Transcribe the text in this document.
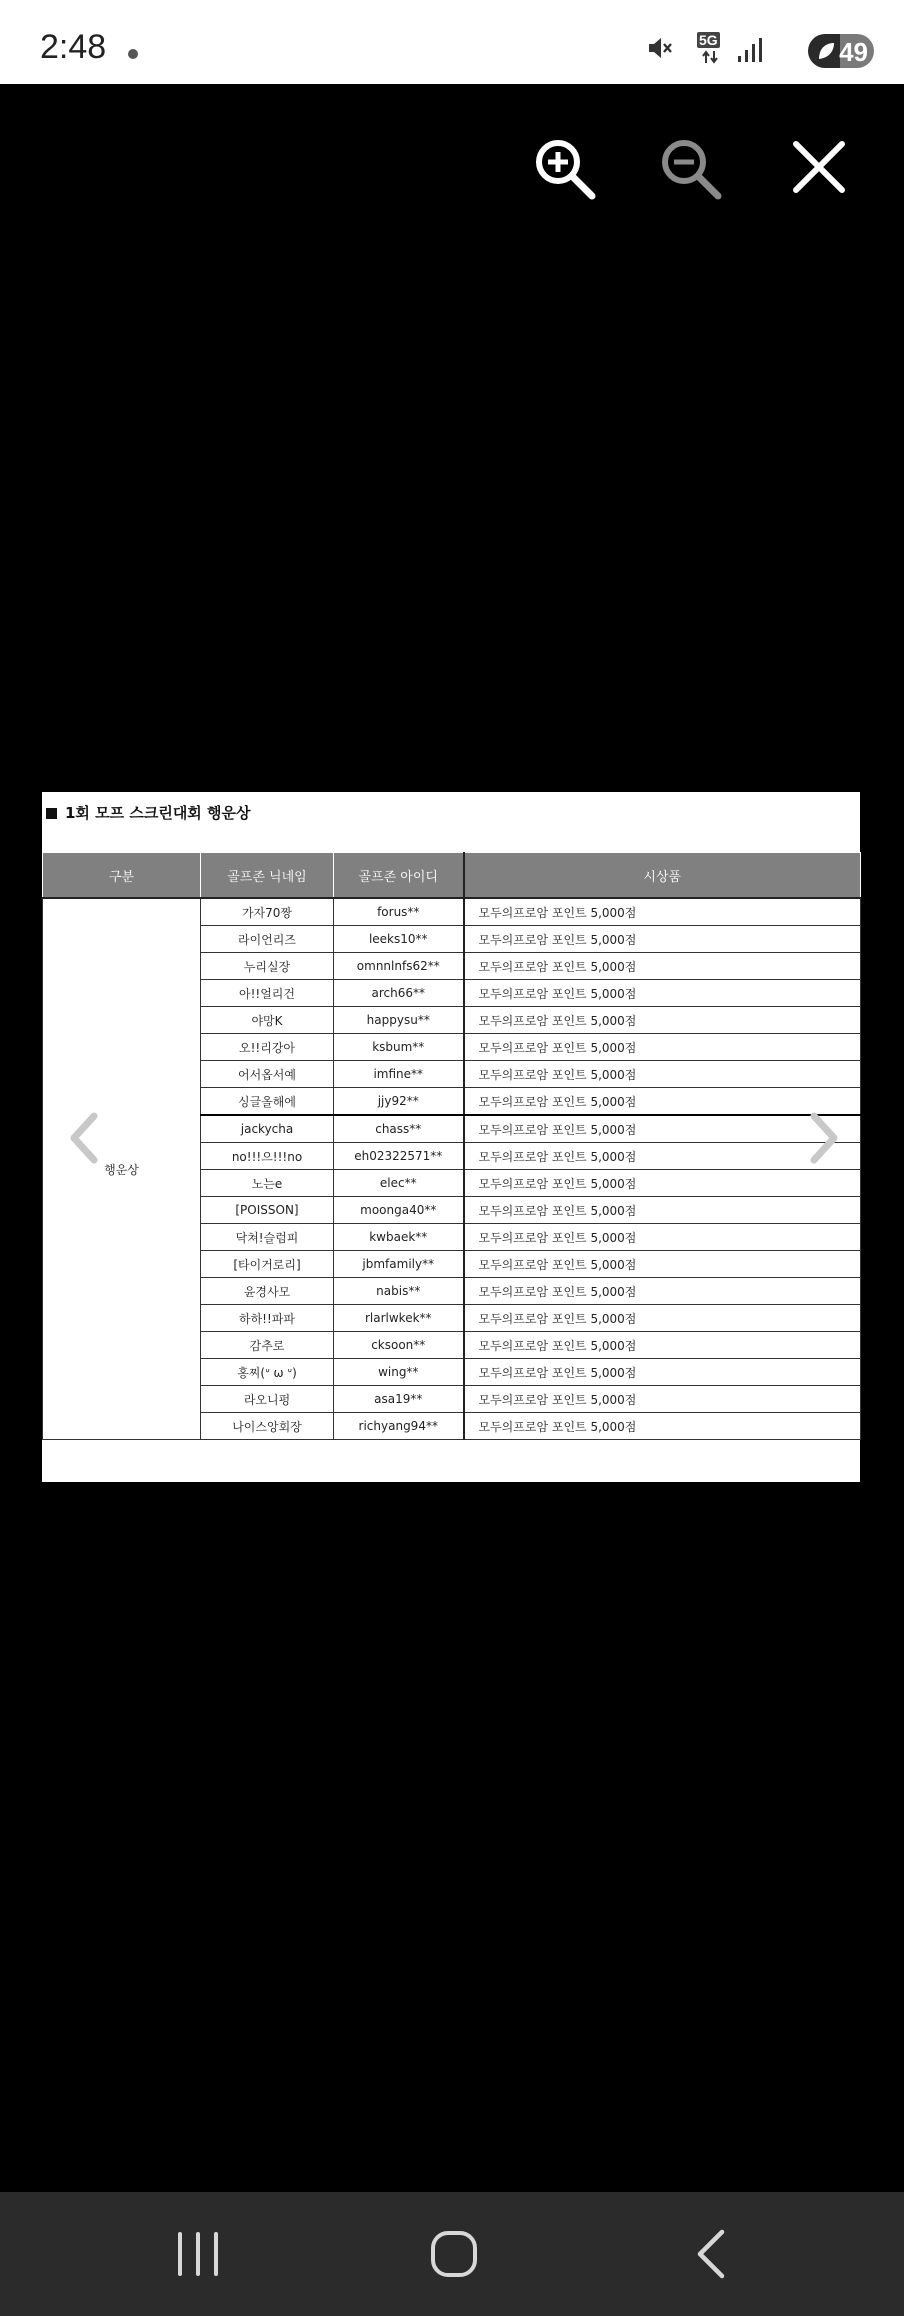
2:48	5G	49
1회 모프 스크린대회 행운상
구분	골프존 닉네임	골프존 아이디	시상품
행운상	가자70짱	forus**	모두의프로암 포인트 5,000점
	라이언리즈	leeks10**	모두의프로암 포인트 5,000점
	누리실장	omnnlnfs62**	모두의프로암 포인트 5,000점
	아!!얼리건	arch66**	모두의프로암 포인트 5,000점
	야망K	happysu**	모두의프로암 포인트 5,000점
	오!!리강아	ksbum**	모두의프로암 포인트 5,000점
	어서옵서예	imfine**	모두의프로암 포인트 5,000점
	싱글올해에	jjy92**	모두의프로암 포인트 5,000점
	jackycha	chass**	모두의프로암 포인트 5,000점
	no!!!으!!!no	eh02322571**	모두의프로암 포인트 5,000점
	노는e	elec**	모두의프로암 포인트 5,000점
	[POISSON]	moonga40**	모두의프로암 포인트 5,000점
	닥쳐!슬럼피	kwbaek**	모두의프로암 포인트 5,000점
	[타이거로리]	jbmfamily**	모두의프로암 포인트 5,000점
	윤경사모	nabis**	모두의프로암 포인트 5,000점
	하하!!파파	rlarlwkek**	모두의프로암 포인트 5,000점
	감추로	cksoon**	모두의프로암 포인트 5,000점
	홍찌(ᐡ ω ᐡ)	wing**	모두의프로암 포인트 5,000점
	라오니펑	asa19**	모두의프로암 포인트 5,000점
	나이스앙회장	richyang94**	모두의프로암 포인트 5,000점
